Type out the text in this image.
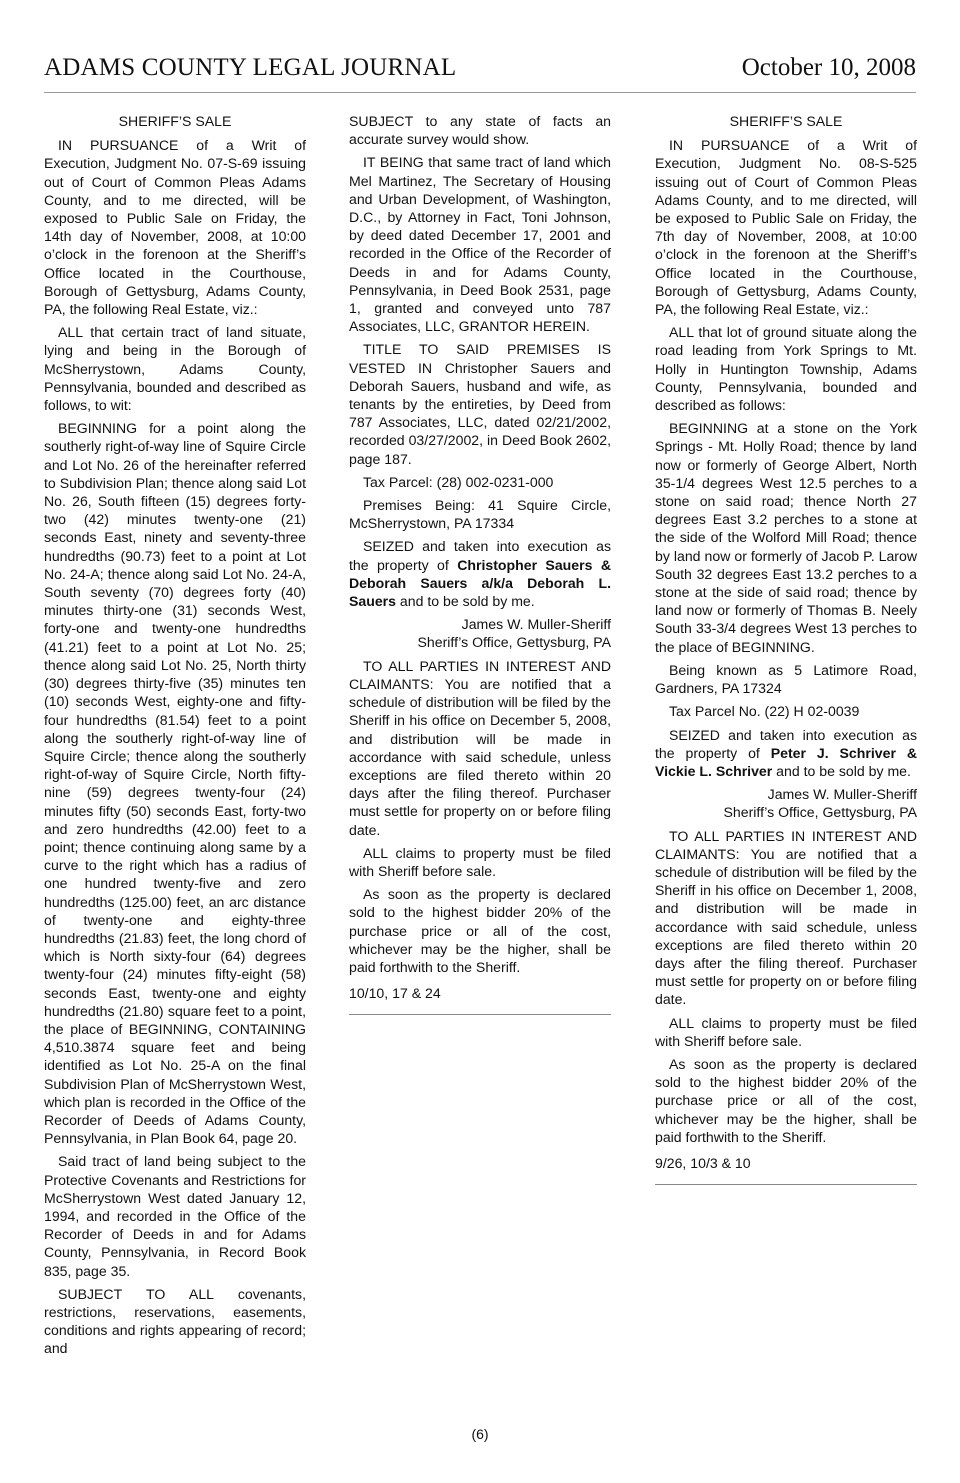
ADAMS COUNTY LEGAL JOURNAL	October 10, 2008

SHERIFF’S SALE

IN PURSUANCE of a Writ of Execution, Judgment No. 07-S-69 issuing out of Court of Common Pleas Adams County, and to me directed, will be exposed to Public Sale on Friday, the 14th day of November, 2008, at 10:00 o’clock in the forenoon at the Sheriff’s Office located in the Courthouse, Borough of Gettysburg, Adams County, PA, the following Real Estate, viz.:

ALL that certain tract of land situate, lying and being in the Borough of McSherrystown, Adams County, Pennsylvania, bounded and described as follows, to wit:

BEGINNING for a point along the southerly right-of-way line of Squire Circle and Lot No. 26 of the hereinafter referred to Subdivision Plan; thence along said Lot No. 26, South fifteen (15) degrees forty-two (42) minutes twenty-one (21) seconds East, ninety and seventy-three hundredths (90.73) feet to a point at Lot No. 24-A; thence along said Lot No. 24-A, South seventy (70) degrees forty (40) minutes thirty-one (31) seconds West, forty-one and twenty-one hundredths (41.21) feet to a point at Lot No. 25; thence along said Lot No. 25, North thirty (30) degrees thirty-five (35) minutes ten (10) seconds West, eighty-one and fifty-four hundredths (81.54) feet to a point along the southerly right-of-way line of Squire Circle; thence along the southerly right-of-way of Squire Circle, North fifty-nine (59) degrees twenty-four (24) minutes fifty (50) seconds East, forty-two and zero hundredths (42.00) feet to a point; thence continuing along same by a curve to the right which has a radius of one hundred twenty-five and zero hundredths (125.00) feet, an arc distance of twenty-one and eighty-three hundredths (21.83) feet, the long chord of which is North sixty-four (64) degrees twenty-four (24) minutes fifty-eight (58) seconds East, twenty-one and eighty hundredths (21.80) square feet to a point, the place of BEGINNING, CONTAINING 4,510.3874 square feet and being identified as Lot No. 25-A on the final Subdivision Plan of McSherrystown West, which plan is recorded in the Office of the Recorder of Deeds of Adams County, Pennsylvania, in Plan Book 64, page 20.

Said tract of land being subject to the Protective Covenants and Restrictions for McSherrystown West dated January 12, 1994, and recorded in the Office of the Recorder of Deeds in and for Adams County, Pennsylvania, in Record Book 835, page 35.

SUBJECT TO ALL covenants, restrictions, reservations, easements, conditions and rights appearing of record; and

SUBJECT to any state of facts an accurate survey would show.

IT BEING that same tract of land which Mel Martinez, The Secretary of Housing and Urban Development, of Washington, D.C., by Attorney in Fact, Toni Johnson, by deed dated December 17, 2001 and recorded in the Office of the Recorder of Deeds in and for Adams County, Pennsylvania, in Deed Book 2531, page 1, granted and conveyed unto 787 Associates, LLC, GRANTOR HEREIN.

TITLE TO SAID PREMISES IS VESTED IN Christopher Sauers and Deborah Sauers, husband and wife, as tenants by the entireties, by Deed from 787 Associates, LLC, dated 02/21/2002, recorded 03/27/2002, in Deed Book 2602, page 187.

Tax Parcel: (28) 002-0231-000

Premises Being: 41 Squire Circle, McSherrystown, PA 17334

SEIZED and taken into execution as the property of Christopher Sauers & Deborah Sauers a/k/a Deborah L. Sauers and to be sold by me.

James W. Muller-Sheriff

Sheriff’s Office, Gettysburg, PA

TO ALL PARTIES IN INTEREST AND CLAIMANTS: You are notified that a schedule of distribution will be filed by the Sheriff in his office on December 5, 2008, and distribution will be made in accordance with said schedule, unless exceptions are filed thereto within 20 days after the filing thereof. Purchaser must settle for property on or before filing date.

ALL claims to property must be filed with Sheriff before sale.

As soon as the property is declared sold to the highest bidder 20% of the purchase price or all of the cost, whichever may be the higher, shall be paid forthwith to the Sheriff.

10/10, 17 & 24

SHERIFF’S SALE

IN PURSUANCE of a Writ of Execution, Judgment No. 08-S-525 issuing out of Court of Common Pleas Adams County, and to me directed, will be exposed to Public Sale on Friday, the 7th day of November, 2008, at 10:00 o’clock in the forenoon at the Sheriff’s Office located in the Courthouse, Borough of Gettysburg, Adams County, PA, the following Real Estate, viz.:

ALL that lot of ground situate along the road leading from York Springs to Mt. Holly in Huntington Township, Adams County, Pennsylvania, bounded and described as follows:

BEGINNING at a stone on the York Springs - Mt. Holly Road; thence by land now or formerly of George Albert, North 35-1/4 degrees West 12.5 perches to a stone on said road; thence North 27 degrees East 3.2 perches to a stone at the side of the Wolford Mill Road; thence by land now or formerly of Jacob P. Larow South 32 degrees East 13.2 perches to a stone at the side of said road; thence by land now or formerly of Thomas B. Neely South 33-3/4 degrees West 13 perches to the place of BEGINNING.

Being known as 5 Latimore Road, Gardners, PA 17324

Tax Parcel No. (22) H 02-0039

SEIZED and taken into execution as the property of Peter J. Schriver & Vickie L. Schriver and to be sold by me.

James W. Muller-Sheriff

Sheriff’s Office, Gettysburg, PA

TO ALL PARTIES IN INTEREST AND CLAIMANTS: You are notified that a schedule of distribution will be filed by the Sheriff in his office on December 1, 2008, and distribution will be made in accordance with said schedule, unless exceptions are filed thereto within 20 days after the filing thereof. Purchaser must settle for property on or before filing date.

ALL claims to property must be filed with Sheriff before sale.

As soon as the property is declared sold to the highest bidder 20% of the purchase price or all of the cost, whichever may be the higher, shall be paid forthwith to the Sheriff.

9/26, 10/3 & 10

(6)
